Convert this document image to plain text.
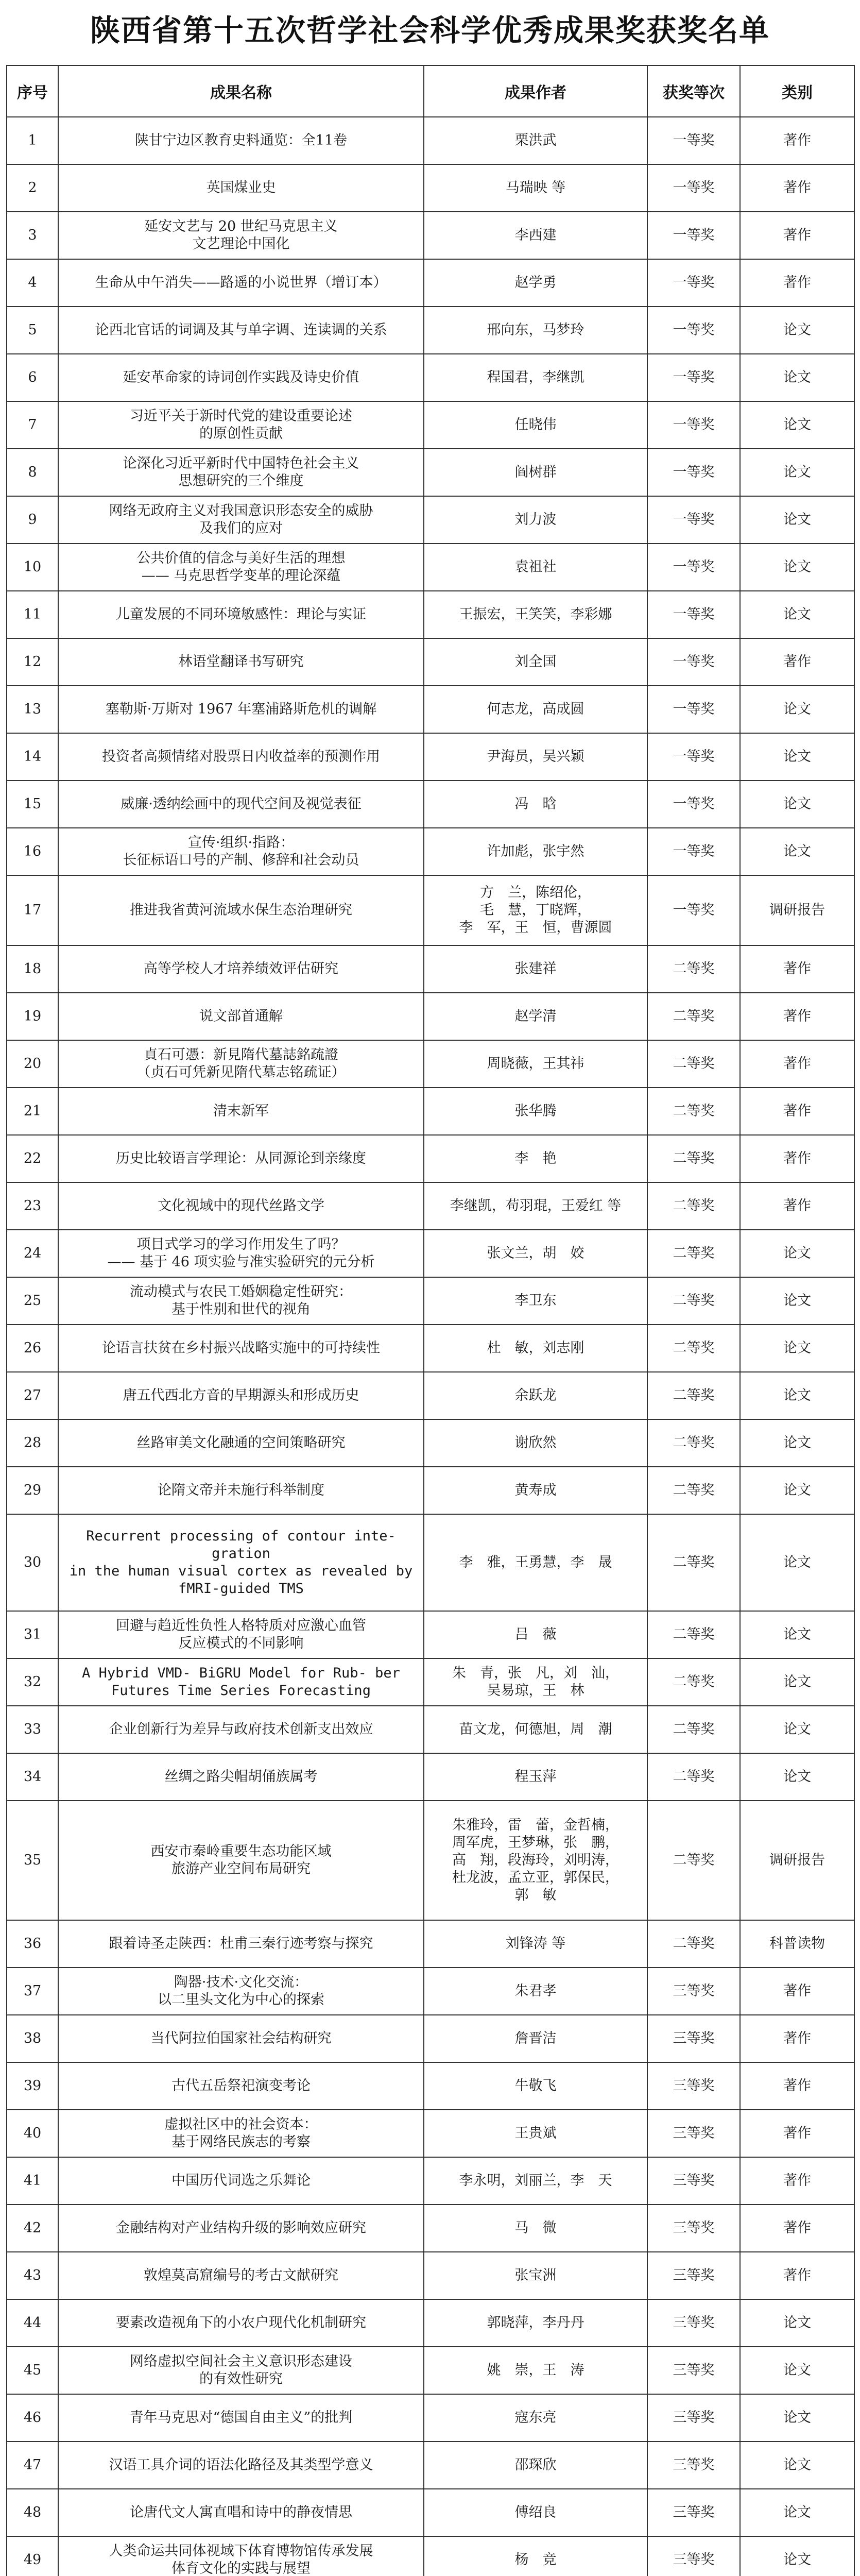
陕西省第十五次哲学社会科学优秀成果奖获奖名单
序号	成果名称	成果作者	获奖等次	类别
1	陕甘宁边区教育史料通览：全11卷	栗洪武	一等奖	著作
2	英国煤业史	马瑞映 等	一等奖	著作
3	延安文艺与 20 世纪马克思主义
文艺理论中国化	李西建	一等奖	著作
4	生命从中午消失——路遥的小说世界（增订本）	赵学勇	一等奖	著作
5	论西北官话的词调及其与单字调、连读调的关系	邢向东，马梦玲	一等奖	论文
6	延安革命家的诗词创作实践及诗史价值	程国君，李继凯	一等奖	论文
7	习近平关于新时代党的建设重要论述
的原创性贡献	任晓伟	一等奖	论文
8	论深化习近平新时代中国特色社会主义
思想研究的三个维度	阎树群	一等奖	论文
9	网络无政府主义对我国意识形态安全的威胁
及我们的应对	刘力波	一等奖	论文
10	公共价值的信念与美好生活的理想
—— 马克思哲学变革的理论深蕴	袁祖社	一等奖	论文
11	儿童发展的不同环境敏感性：理论与实证	王振宏，王笑笑，李彩娜	一等奖	论文
12	林语堂翻译书写研究	刘全国	一等奖	著作
13	塞勒斯·万斯对 1967 年塞浦路斯危机的调解	何志龙，高成圆	一等奖	论文
14	投资者高频情绪对股票日内收益率的预测作用	尹海员，吴兴颖	一等奖	论文
15	威廉·透纳绘画中的现代空间及视觉表征	冯　晗	一等奖	论文
16	宣传·组织·指路：
长征标语口号的产制、修辞和社会动员	许加彪，张宇然	一等奖	论文
17	推进我省黄河流域水保生态治理研究	方　兰，陈绍伦，
毛　慧，丁晓辉，
李　军，王　恒，曹源圆	一等奖	调研报告
18	高等学校人才培养绩效评估研究	张建祥	二等奖	著作
19	说文部首通解	赵学清	二等奖	著作
20	貞石可憑：新見隋代墓誌銘疏證
（贞石可凭新见隋代墓志铭疏证）	周晓薇，王其祎	二等奖	著作
21	清末新军	张华腾	二等奖	著作
22	历史比较语言学理论：从同源论到亲缘度	李　艳	二等奖	著作
23	文化视域中的现代丝路文学	李继凯，苟羽琨，王爱红 等	二等奖	著作
24	项目式学习的学习作用发生了吗？
—— 基于 46 项实验与准实验研究的元分析	张文兰，胡　姣	二等奖	论文
25	流动模式与农民工婚姻稳定性研究：
基于性别和世代的视角	李卫东	二等奖	论文
26	论语言扶贫在乡村振兴战略实施中的可持续性	杜　敏，刘志刚	二等奖	论文
27	唐五代西北方音的早期源头和形成历史	余跃龙	二等奖	论文
28	丝路审美文化融通的空间策略研究	谢欣然	二等奖	论文
29	论隋文帝并未施行科举制度	黄寿成	二等奖	论文
30	Recurrent processing of contour inte- gration
in the human visual cortex as revealed by
fMRI-guided TMS	李　雅，王勇慧，李　晟	二等奖	论文
31	回避与趋近性负性人格特质对应激心血管
反应模式的不同影响	吕　薇	二等奖	论文
32	A Hybrid VMD‐ BiGRU Model for Rub- ber
Futures Time Series Forecasting	朱　青，张　凡，刘　汕，
吴易琼，王　林	二等奖	论文
33	企业创新行为差异与政府技术创新支出效应	苗文龙，何德旭，周　潮	二等奖	论文
34	丝绸之路尖帽胡俑族属考	程玉萍	二等奖	论文
35	西安市秦岭重要生态功能区域
旅游产业空间布局研究	朱雅玲，雷　蕾，金哲楠，
周军虎，王梦琳，张　鹏，
高　翔，段海玲，刘明涛，
杜龙波，孟立亚，郭保民，
郭　敏	二等奖	调研报告
36	跟着诗圣走陕西：杜甫三秦行迹考察与探究	刘锋涛 等	二等奖	科普读物
37	陶器·技术·文化交流：
以二里头文化为中心的探索	朱君孝	三等奖	著作
38	当代阿拉伯国家社会结构研究	詹晋洁	三等奖	著作
39	古代五岳祭祀演变考论	牛敬飞	三等奖	著作
40	虚拟社区中的社会资本：
基于网络民族志的考察	王贵斌	三等奖	著作
41	中国历代词选之乐舞论	李永明，刘丽兰，李　天	三等奖	著作
42	金融结构对产业结构升级的影响效应研究	马　微	三等奖	著作
43	敦煌莫高窟编号的考古文献研究	张宝洲	三等奖	著作
44	要素改造视角下的小农户现代化机制研究	郭晓萍，李丹丹	三等奖	论文
45	网络虚拟空间社会主义意识形态建设
的有效性研究	姚　崇，王　涛	三等奖	论文
46	青年马克思对“德国自由主义”的批判	寇东亮	三等奖	论文
47	汉语工具介词的语法化路径及其类型学意义	邵琛欣	三等奖	论文
48	论唐代文人寓直唱和诗中的静夜情思	傅绍良	三等奖	论文
49	人类命运共同体视域下体育博物馆传承发展
体育文化的实践与展望	杨　竞	三等奖	论文
